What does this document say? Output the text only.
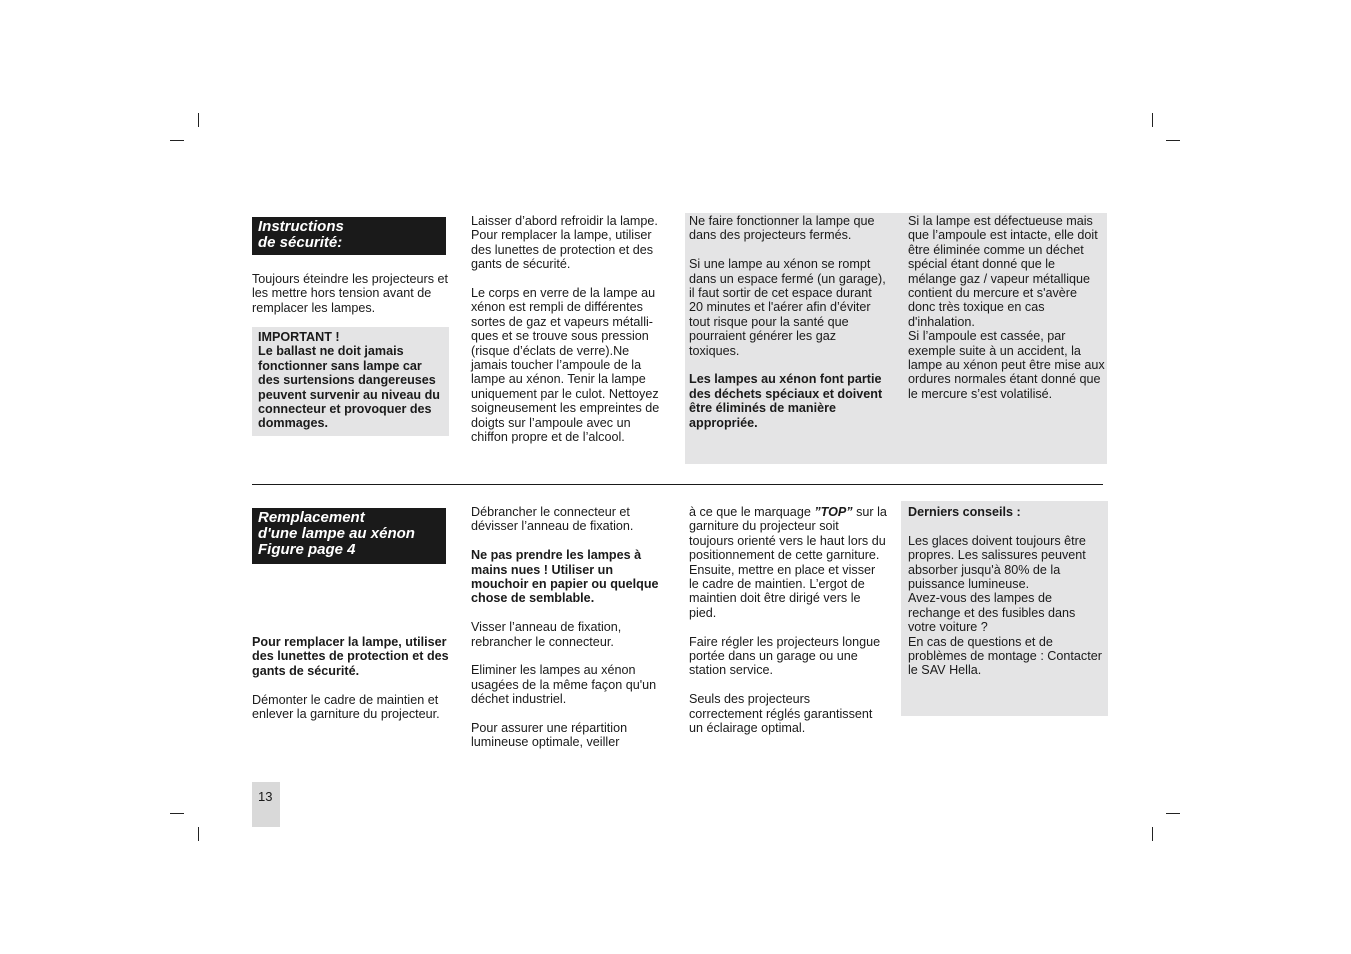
Instructions
de sécurité:

Toujours éteindre les projecteurs et les mettre hors tension avant de remplacer les lampes.

IMPORTANT !
Le ballast ne doit jamais fonctionner sans lampe car des surtensions dangereuses peuvent survenir au niveau du connecteur et provoquer des dommages.

Laisser d’abord refroidir la lampe. Pour remplacer la lampe, utiliser des lunettes de protection et des gants de sécurité.

Le corps en verre de la lampe au xénon est rempli de différentes sortes de gaz et vapeurs métalli-
ques et se trouve sous pression (risque d’éclats de verre).Ne jamais toucher l’ampoule de la lampe au xénon. Tenir la lampe uniquement par le culot. Nettoyez soigneusement les empreintes de doigts sur l’ampoule avec un chiffon propre et de l’alcool.

Ne faire fonctionner la lampe que dans des projecteurs fermés.

Si une lampe au xénon se rompt dans un espace fermé (un garage), il faut sortir de cet espace durant 20 minutes et l'aérer afin d’éviter tout risque pour la santé que pourraient générer les gaz toxiques.

Les lampes au xénon font partie des déchets spéciaux et doivent être éliminés de manière appropriée.

Si la lampe est défectueuse mais que l’ampoule est intacte, elle doit être éliminée comme un déchet spécial étant donné que le mélange gaz / vapeur métallique contient du mercure et s'avère donc très toxique en cas d'inhalation.
Si l’ampoule est cassée, par exemple suite à un accident, la lampe au xénon peut être mise aux ordures normales étant donné que le mercure s’est volatilisé.
Remplacement
d'une lampe au xénon
Figure page 4

Pour remplacer la lampe, utiliser des lunettes de protection et des gants de sécurité.

Démonter le cadre de maintien et enlever la garniture du projecteur.

Débrancher le connecteur et dévisser l’anneau de fixation.

Ne pas prendre les lampes à mains nues ! Utiliser un mouchoir en papier ou quelque chose de semblable.

Visser l’anneau de fixation, rebrancher le connecteur.

Eliminer les lampes au xénon usagées de la même façon qu'un déchet industriel.

Pour assurer une répartition lumineuse optimale, veiller

à ce que le marquage ”TOP” sur la garniture du projecteur soit toujours orienté vers le haut lors du positionnement de cette garniture. Ensuite, mettre en place et visser le cadre de maintien. L’ergot de maintien doit être dirigé vers le pied.

Faire régler les projecteurs longue portée dans un garage ou une station service.

Seuls des projecteurs correctement réglés garantissent un éclairage optimal.

Derniers conseils :

Les glaces doivent toujours être propres. Les salissures peuvent absorber jusqu'à 80% de la puissance lumineuse.
Avez-vous des lampes de rechange et des fusibles dans votre voiture ?
En cas de questions et de problèmes de montage : Contacter le SAV Hella.
13
